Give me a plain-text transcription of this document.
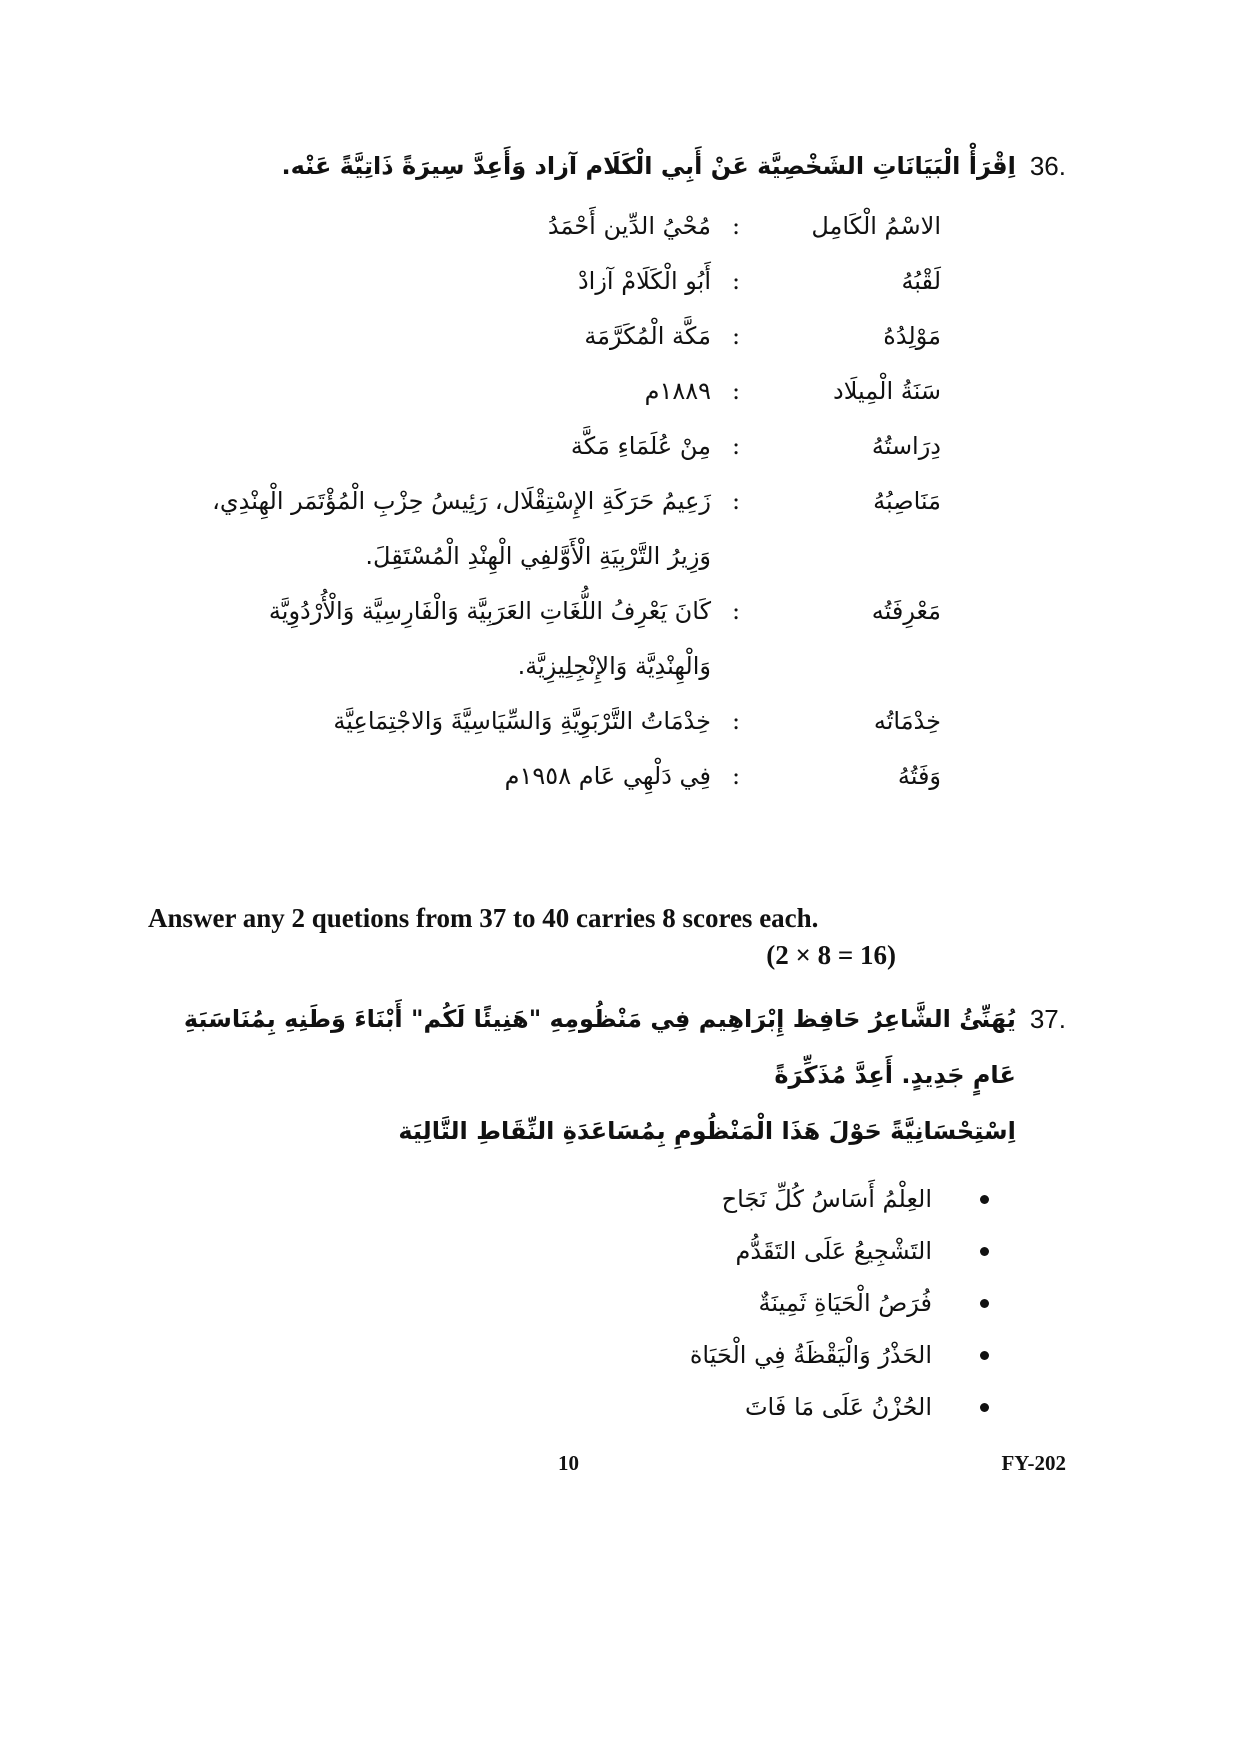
36.
اِقْرَأْ الْبَيَانَاتِ الشَخْصِيَّة عَنْ أَبِي الْكَلَام آزاد وَأَعِدَّ سِيرَةً ذَاتِيَّةً عَنْه.
الاسْمُ الْكَامِل
:
مُحْيُ الدِّين أَحْمَدُ
لَقْبُهُ
:
أَبُو الْكَلَامْ آزادْ
مَوْلِدُهُ
:
مَكَّة الْمُكَرَّمَة
سَنَةُ الْمِيلَاد
:
١٨٨٩م
دِرَاستُهُ
:
مِنْ عُلَمَاءِ مَكَّة
مَنَاصِبُهُ
:
زَعِيمُ حَرَكَةِ الإِسْتِقْلَال، رَئِيسُ حِزْبِ الْمُؤْتَمَر الْهِنْدِي،
وَزِيرُ التَّرْبِيَةِ الْأَوَّلفِي الْهِنْدِ الْمُسْتَقِلَ.
مَعْرِفَتُه
:
كَانَ يَعْرِفُ اللُّغَاتِ العَرَبِيَّة وَالْفَارِسِيَّة وَالْأُرْدُوِيَّة
وَالْهِنْدِيَّة وَالإِنْجِلِيزِيَّة.
خِدْمَاتُه
:
خِدْمَاتُ التَّرْبَوِيَّةِ وَالسِّيَاسِيَّةَ وَالاجْتِمَاعِيَّة
وَفَتُهُ
:
فِي دَلْهِي عَام ١٩٥٨م
Answer any 2 quetions from 37 to 40 carries 8 scores each.
(2 × 8 = 16)
37.
يُهَنِّئُ الشَّاعِرُ حَافِظ إِبْرَاهِيم فِي مَنْظُومِهِ "هَنِيئًا لَكُم" أَبْنَاءَ وَطَنِهِ بِمُنَاسَبَةِ عَامٍ جَدِيدٍ. أَعِدَّ مُذَكِّرَةً
اِسْتِحْسَانِيَّةً حَوْلَ هَذَا الْمَنْظُومِ بِمُسَاعَدَةِ النِّقَاطِ التَّالِيَة
العِلْمُ أَسَاسُ كُلِّ نَجَاح
التَشْجِيعُ عَلَى التَقَدُّم
فُرَصُ الْحَيَاةِ ثَمِينَةٌ
الحَذْرُ وَالْيَقْظَةُ فِي الْحَيَاة
الحُزْنُ عَلَى مَا فَاتَ
10	FY-202
